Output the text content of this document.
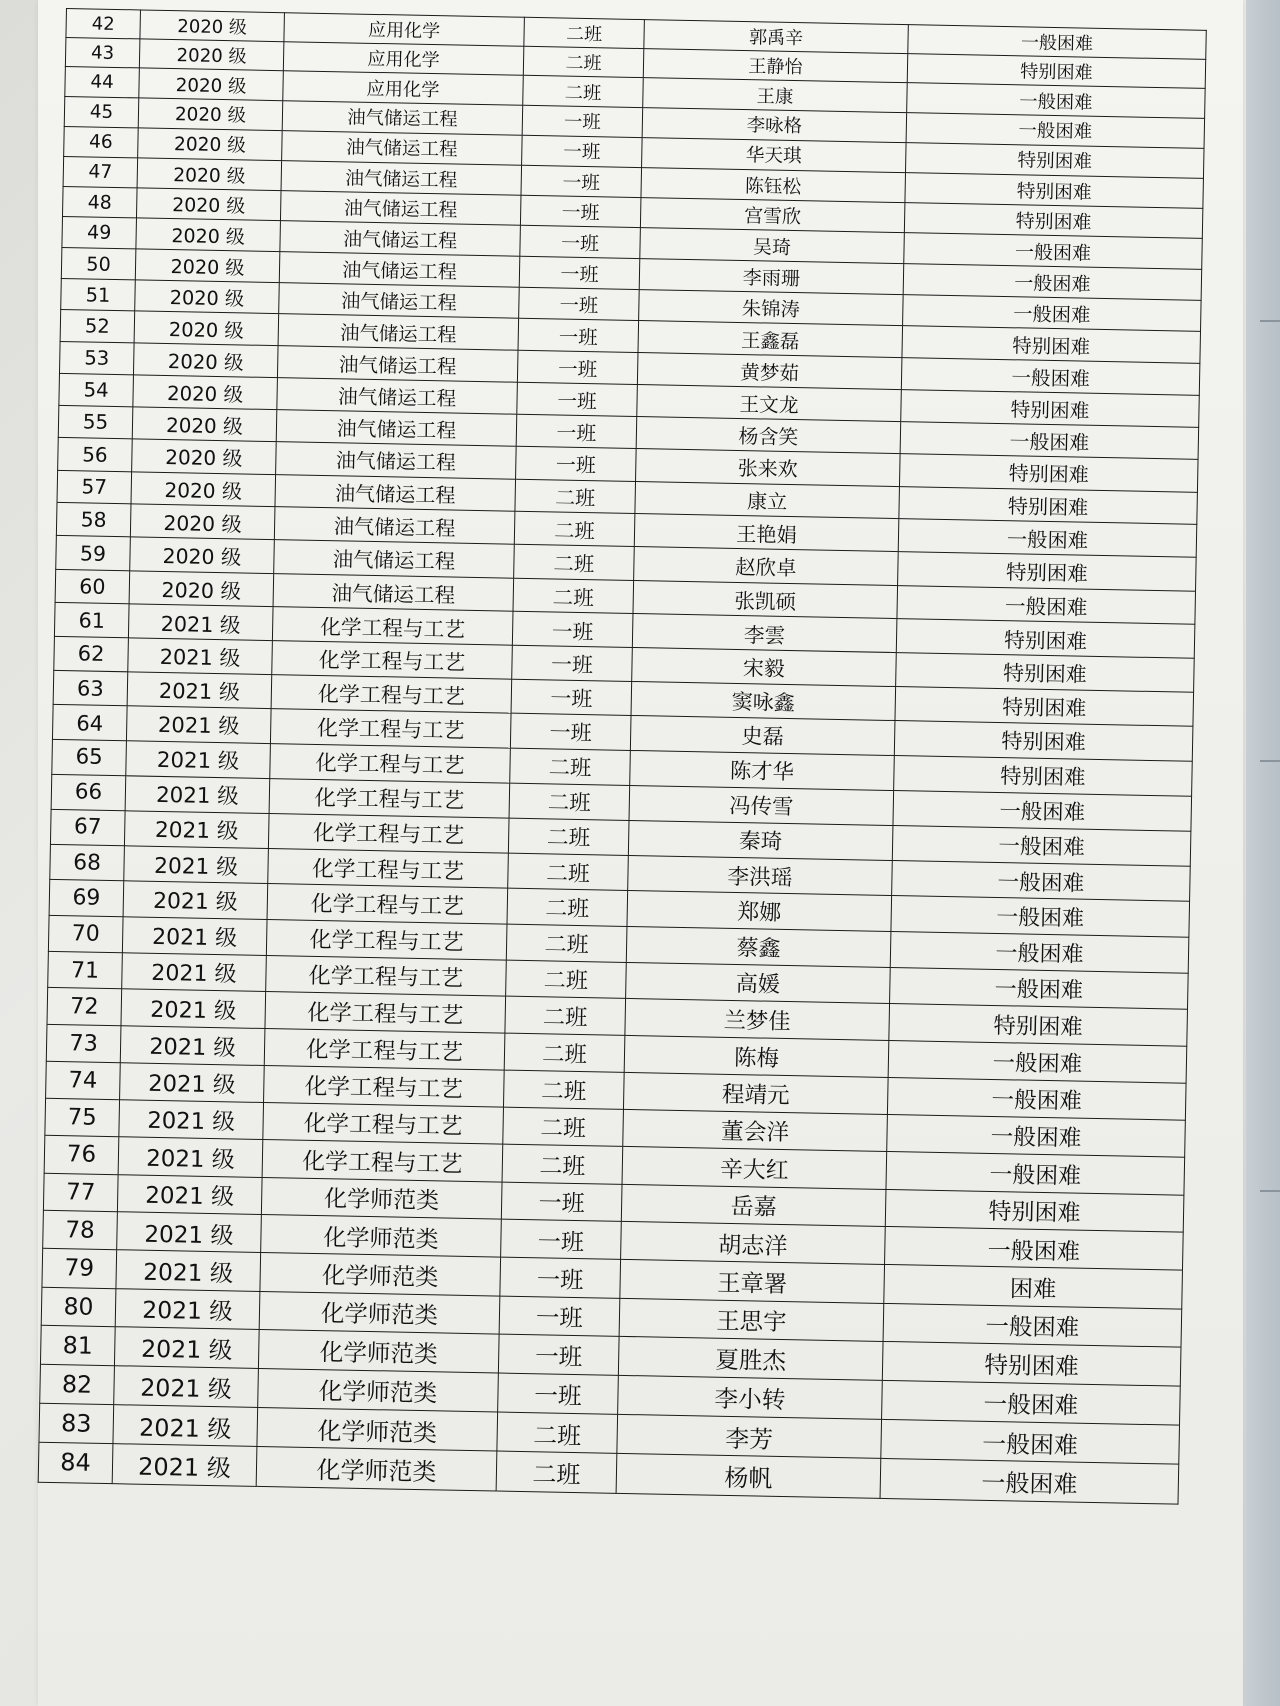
42	2020 级	应用化学	二班	郭禹辛	一般困难
43	2020 级	应用化学	二班	王静怡	特别困难
44	2020 级	应用化学	二班	王康	一般困难
45	2020 级	油气储运工程	一班	李咏格	一般困难
46	2020 级	油气储运工程	一班	华天琪	特别困难
47	2020 级	油气储运工程	一班	陈钰松	特别困难
48	2020 级	油气储运工程	一班	宫雪欣	特别困难
49	2020 级	油气储运工程	一班	吴琦	一般困难
50	2020 级	油气储运工程	一班	李雨珊	一般困难
51	2020 级	油气储运工程	一班	朱锦涛	一般困难
52	2020 级	油气储运工程	一班	王鑫磊	特别困难
53	2020 级	油气储运工程	一班	黄梦茹	一般困难
54	2020 级	油气储运工程	一班	王文龙	特别困难
55	2020 级	油气储运工程	一班	杨含笑	一般困难
56	2020 级	油气储运工程	一班	张来欢	特别困难
57	2020 级	油气储运工程	二班	康立	特别困难
58	2020 级	油气储运工程	二班	王艳娟	一般困难
59	2020 级	油气储运工程	二班	赵欣卓	特别困难
60	2020 级	油气储运工程	二班	张凯硕	一般困难
61	2021 级	化学工程与工艺	一班	李雲	特别困难
62	2021 级	化学工程与工艺	一班	宋毅	特别困难
63	2021 级	化学工程与工艺	一班	窦咏鑫	特别困难
64	2021 级	化学工程与工艺	一班	史磊	特别困难
65	2021 级	化学工程与工艺	二班	陈才华	特别困难
66	2021 级	化学工程与工艺	二班	冯传雪	一般困难
67	2021 级	化学工程与工艺	二班	秦琦	一般困难
68	2021 级	化学工程与工艺	二班	李洪瑶	一般困难
69	2021 级	化学工程与工艺	二班	郑娜	一般困难
70	2021 级	化学工程与工艺	二班	蔡鑫	一般困难
71	2021 级	化学工程与工艺	二班	高媛	一般困难
72	2021 级	化学工程与工艺	二班	兰梦佳	特别困难
73	2021 级	化学工程与工艺	二班	陈梅	一般困难
74	2021 级	化学工程与工艺	二班	程靖元	一般困难
75	2021 级	化学工程与工艺	二班	董会洋	一般困难
76	2021 级	化学工程与工艺	二班	辛大红	一般困难
77	2021 级	化学师范类	一班	岳嘉	特别困难
78	2021 级	化学师范类	一班	胡志洋	一般困难
79	2021 级	化学师范类	一班	王章署	困难
80	2021 级	化学师范类	一班	王思宇	一般困难
81	2021 级	化学师范类	一班	夏胜杰	特别困难
82	2021 级	化学师范类	一班	李小转	一般困难
83	2021 级	化学师范类	二班	李芳	一般困难
84	2021 级	化学师范类	二班	杨帆	一般困难
